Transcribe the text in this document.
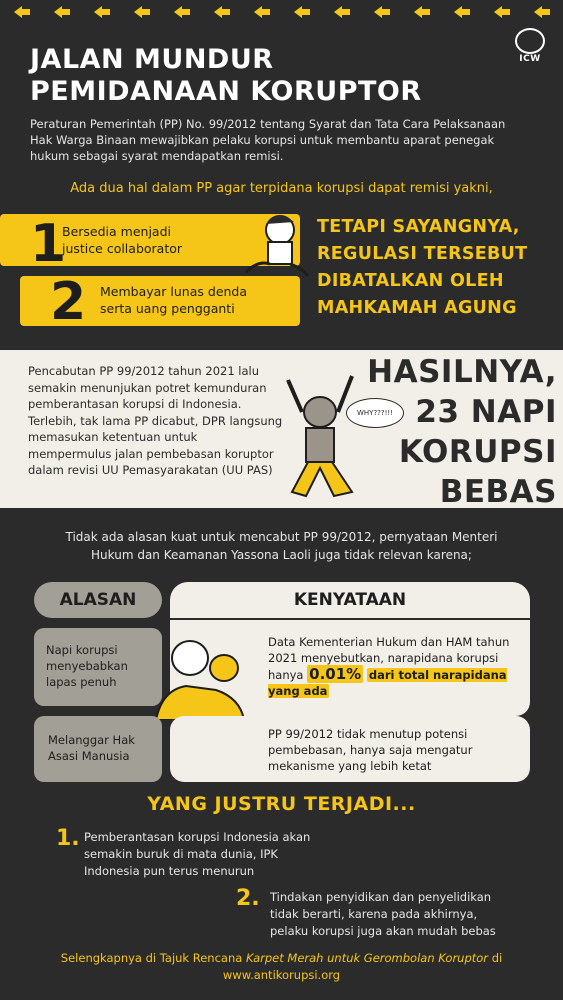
ICW
JALAN MUNDUR
PEMIDANAAN KORUPTOR
Peraturan Pemerintah (PP) No. 99/2012 tentang Syarat dan Tata Cara Pelaksanaan Hak Warga Binaan mewajibkan pelaku korupsi untuk membantu aparat penegak hukum sebagai syarat mendapatkan remisi.
Ada dua hal dalam PP agar terpidana korupsi dapat remisi yakni,
1
Bersedia menjadi justice collaborator
2 Membayar lunas denda serta uang pengganti
TETAPI SAYANGNYA,
REGULASI TERSEBUT
DIBATALKAN OLEH
MAHKAMAH AGUNG
Pencabutan PP 99/2012 tahun 2021 lalu semakin menunjukan potret kemunduran pemberantasan korupsi di Indonesia. Terlebih, tak lama PP dicabut, DPR langsung memasukan ketentuan untuk mempermulus jalan pembebasan koruptor dalam revisi UU Pemasyarakatan (UU PAS)
WHY???!!!
HASILNYA,
23 NAPI
KORUPSI
BEBAS
Tidak ada alasan kuat untuk mencabut PP 99/2012, pernyataan Menteri Hukum dan Keamanan Yassona Laoli juga tidak relevan karena;
ALASAN	KENYATAAN
Napi korupsi menyebabkan lapas penuh
Data Kementerian Hukum dan HAM tahun 2021 menyebutkan, narapidana korupsi hanya 0.01% dari total narapidana yang ada
Melanggar Hak Asasi Manusia
PP 99/2012 tidak menutup potensi pembebasan, hanya saja mengatur mekanisme yang lebih ketat
YANG JUSTRU TERJADI...
1. Pemberantasan korupsi Indonesia akan semakin buruk di mata dunia, IPK Indonesia pun terus menurun
2. Tindakan penyidikan dan penyelidikan tidak berarti, karena pada akhirnya, pelaku korupsi juga akan mudah bebas
Selengkapnya di Tajuk Rencana Karpet Merah untuk Gerombolan Koruptor di
www.antikorupsi.org
